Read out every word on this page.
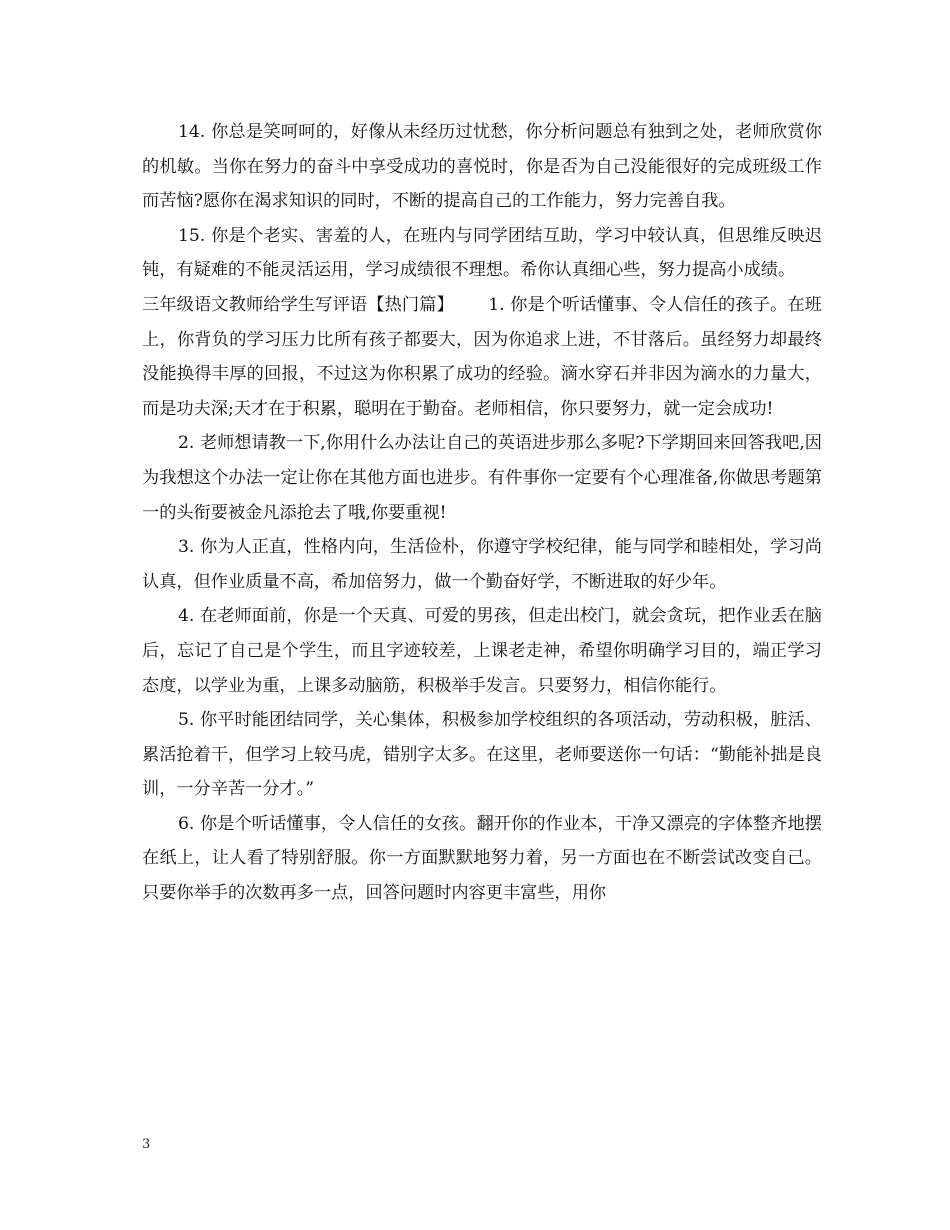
14. 你总是笑呵呵的，好像从未经历过忧愁，你分析问题总有独到之处，老师欣赏你的机敏。当你在努力的奋斗中享受成功的喜悦时，你是否为自己没能很好的完成班级工作而苦恼?愿你在渴求知识的同时，不断的提高自己的工作能力，努力完善自我。

15. 你是个老实、害羞的人，在班内与同学团结互助，学习中较认真，但思维反映迟钝，有疑难的不能灵活运用，学习成绩很不理想。希你认真细心些，努力提高小成绩。

三年级语文教师给学生写评语【热门篇】   1. 你是个听话懂事、令人信任的孩子。在班上，你背负的学习压力比所有孩子都要大，因为你追求上进，不甘落后。虽经努力却最终没能换得丰厚的回报，不过这为你积累了成功的经验。滴水穿石并非因为滴水的力量大，而是功夫深;天才在于积累，聪明在于勤奋。老师相信，你只要努力，就一定会成功!

2. 老师想请教一下,你用什么办法让自己的英语进步那么多呢?下学期回来回答我吧,因为我想这个办法一定让你在其他方面也进步。有件事你一定要有个心理准备,你做思考题第一的头衔要被金凡添抢去了哦,你要重视!

3. 你为人正直，性格内向，生活俭朴，你遵守学校纪律，能与同学和睦相处，学习尚认真，但作业质量不高，希加倍努力，做一个勤奋好学，不断进取的好少年。

4. 在老师面前，你是一个天真、可爱的男孩，但走出校门，就会贪玩，把作业丢在脑后，忘记了自己是个学生，而且字迹较差，上课老走神，希望你明确学习目的，端正学习态度，以学业为重，上课多动脑筋，积极举手发言。只要努力，相信你能行。

5. 你平时能团结同学，关心集体，积极参加学校组织的各项活动，劳动积极，脏活、累活抢着干，但学习上较马虎，错别字太多。在这里，老师要送你一句话：“勤能补拙是良训，一分辛苦一分才。”

6. 你是个听话懂事，令人信任的女孩。翻开你的作业本，干净又漂亮的字体整齐地摆在纸上，让人看了特别舒服。你一方面默默地努力着，另一方面也在不断尝试改变自己。只要你举手的次数再多一点，回答问题时内容更丰富些，用你

3
